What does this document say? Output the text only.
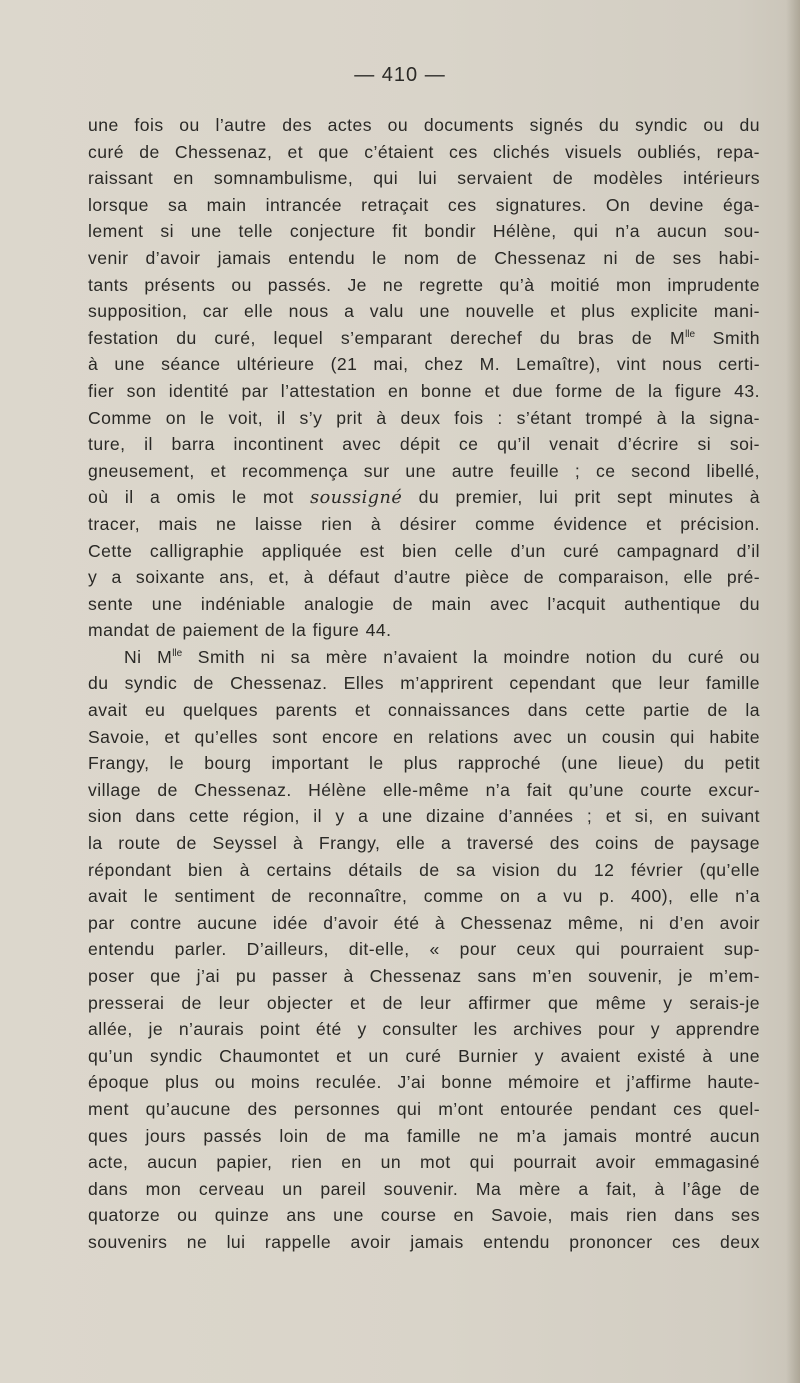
— 410 —
une fois ou l’autre des actes ou documents signés du syndic ou du
curé de Chessenaz, et que c’étaient ces clichés visuels oubliés, repa-
raissant en somnambulisme, qui lui servaient de modèles intérieurs
lorsque sa main intrancée retraçait ces signatures. On devine éga-
lement si une telle conjecture fit bondir Hélène, qui n’a aucun sou-
venir d’avoir jamais entendu le nom de Chessenaz ni de ses habi-
tants présents ou passés. Je ne regrette qu’à moitié mon imprudente
supposition, car elle nous a valu une nouvelle et plus explicite mani-
festation du curé, lequel s’emparant derechef du bras de $M^{lle}$ Smith
à une séance ultérieure (21 mai, chez M. Lemaître), vint nous certi-
fier son identité par l’attestation en bonne et due forme de la figure 43.
Comme on le voit, il s’y prit à deux fois : s’étant trompé à la signa-
ture, il barra incontinent avec dépit ce qu’il venait d’écrire si soi-
gneusement, et recommença sur une autre feuille ; ce second libellé,
où il a omis le mot soussigné du premier, lui prit sept minutes à
tracer, mais ne laisse rien à désirer comme évidence et précision.
Cette calligraphie appliquée est bien celle d’un curé campagnard d’il
y a soixante ans, et, à défaut d’autre pièce de comparaison, elle pré-
sente une indéniable analogie de main avec l’acquit authentique du
mandat de paiement de la figure 44.
Ni $M^{lle}$ Smith ni sa mère n’avaient la moindre notion du curé ou
du syndic de Chessenaz. Elles m’apprirent cependant que leur famille
avait eu quelques parents et connaissances dans cette partie de la
Savoie, et qu’elles sont encore en relations avec un cousin qui habite
Frangy, le bourg important le plus rapproché (une lieue) du petit
village de Chessenaz. Hélène elle-même n’a fait qu’une courte excur-
sion dans cette région, il y a une dizaine d’années ; et si, en suivant
la route de Seyssel à Frangy, elle a traversé des coins de paysage
répondant bien à certains détails de sa vision du 12 février (qu’elle
avait le sentiment de reconnaître, comme on a vu p. 400), elle n’a
par contre aucune idée d’avoir été à Chessenaz même, ni d’en avoir
entendu parler. D’ailleurs, dit-elle, « pour ceux qui pourraient sup-
poser que j’ai pu passer à Chessenaz sans m’en souvenir, je m’em-
presserai de leur objecter et de leur affirmer que même y serais-je
allée, je n’aurais point été y consulter les archives pour y apprendre
qu’un syndic Chaumontet et un curé Burnier y avaient existé à une
époque plus ou moins reculée. J’ai bonne mémoire et j’affirme haute-
ment qu’aucune des personnes qui m’ont entourée pendant ces quel-
ques jours passés loin de ma famille ne m’a jamais montré aucun
acte, aucun papier, rien en un mot qui pourrait avoir emmagasiné
dans mon cerveau un pareil souvenir. Ma mère a fait, à l’âge de
quatorze ou quinze ans une course en Savoie, mais rien dans ses
souvenirs ne lui rappelle avoir jamais entendu prononcer ces deux
